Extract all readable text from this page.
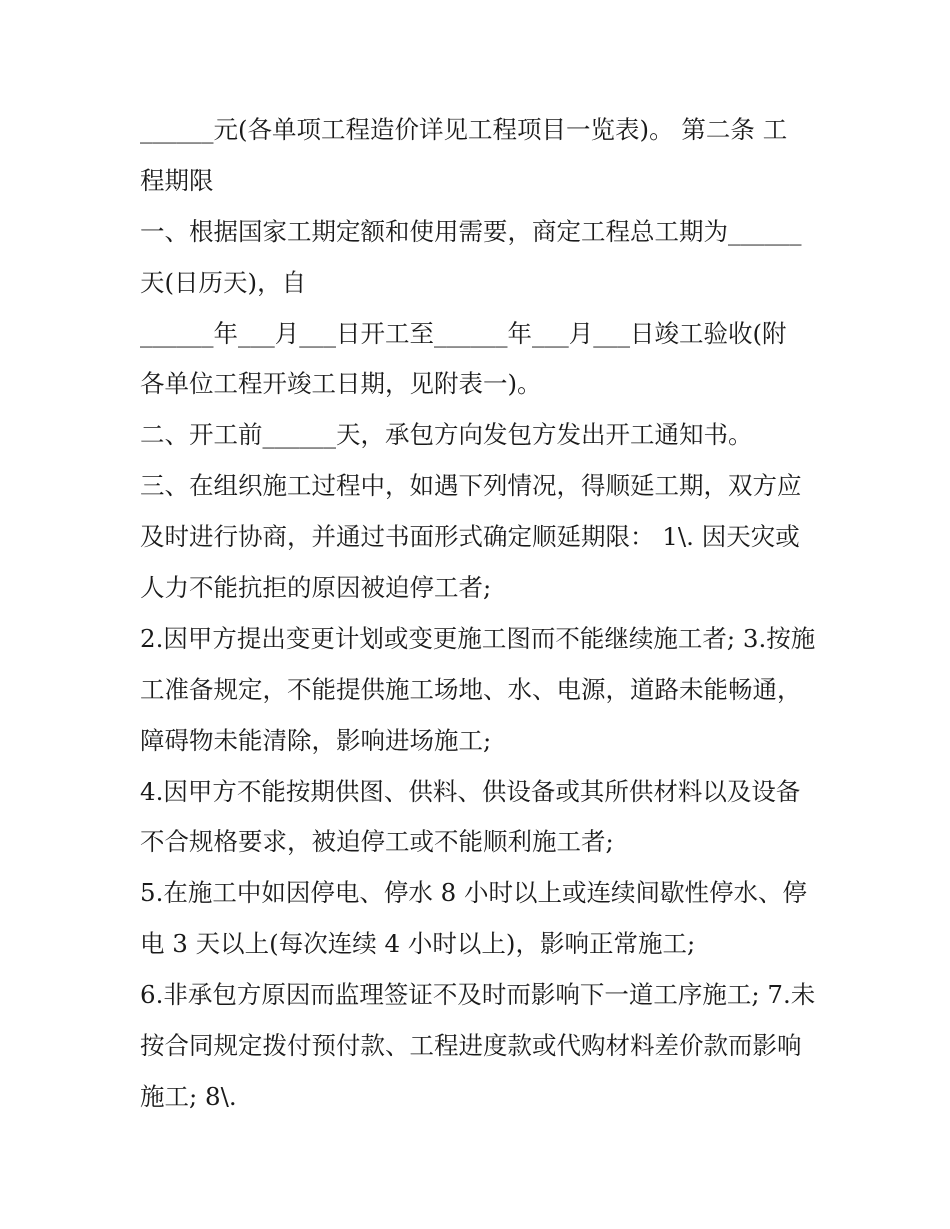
______元(各单项工程造价详见工程项目一览表)。 第二条 工
程期限
一、根据国家工期定额和使用需要，商定工程总工期为______
天(日历天)，自
______年___月___日开工至______年___月___日竣工验收(附
各单位工程开竣工日期，见附表一)。
二、开工前______天，承包方向发包方发出开工通知书。
三、在组织施工过程中，如遇下列情况，得顺延工期，双方应
及时进行协商，并通过书面形式确定顺延期限： 1\. 因天灾或
人力不能抗拒的原因被迫停工者;
2.因甲方提出变更计划或变更施工图而不能继续施工者; 3.按施
工准备规定，不能提供施工场地、水、电源，道路未能畅通，
障碍物未能清除，影响进场施工;
4.因甲方不能按期供图、供料、供设备或其所供材料以及设备
不合规格要求，被迫停工或不能顺利施工者;
5.在施工中如因停电、停水 8 小时以上或连续间歇性停水、停
电 3 天以上(每次连续 4 小时以上)，影响正常施工;
6.非承包方原因而监理签证不及时而影响下一道工序施工; 7.未
按合同规定拨付预付款、工程进度款或代购材料差价款而影响
施工; 8\.
